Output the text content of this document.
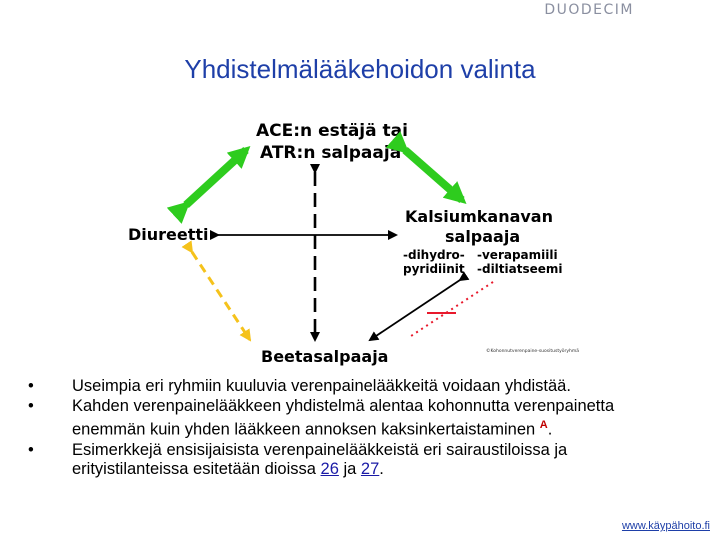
DUODECIM
Yhdistelmälääkehoidon valinta
ACE:n estäjä tai
ATR:n salpaaja
Diureetti
Kalsiumkanavan
salpaaja
-dihydro-
pyridiinit
-verapamiili
-diltiatseemi
Beetasalpaaja	©Kohonnutverenpaine-suositustyöryhmä
• Useimpia eri ryhmiin kuuluvia verenpainelääkkeitä voidaan yhdistää.
• Kahden verenpainelääkkeen yhdistelmä alentaa kohonnutta verenpainetta enemmän kuin yhden lääkkeen annoksen kaksinkertaistaminen $^A$.
• Esimerkkejä ensisijaisista verenpainelääkkeistä eri sairaustiloissa ja erityistilanteissa esitetään dioissa 26 ja 27.
www.käypähoito.fi
